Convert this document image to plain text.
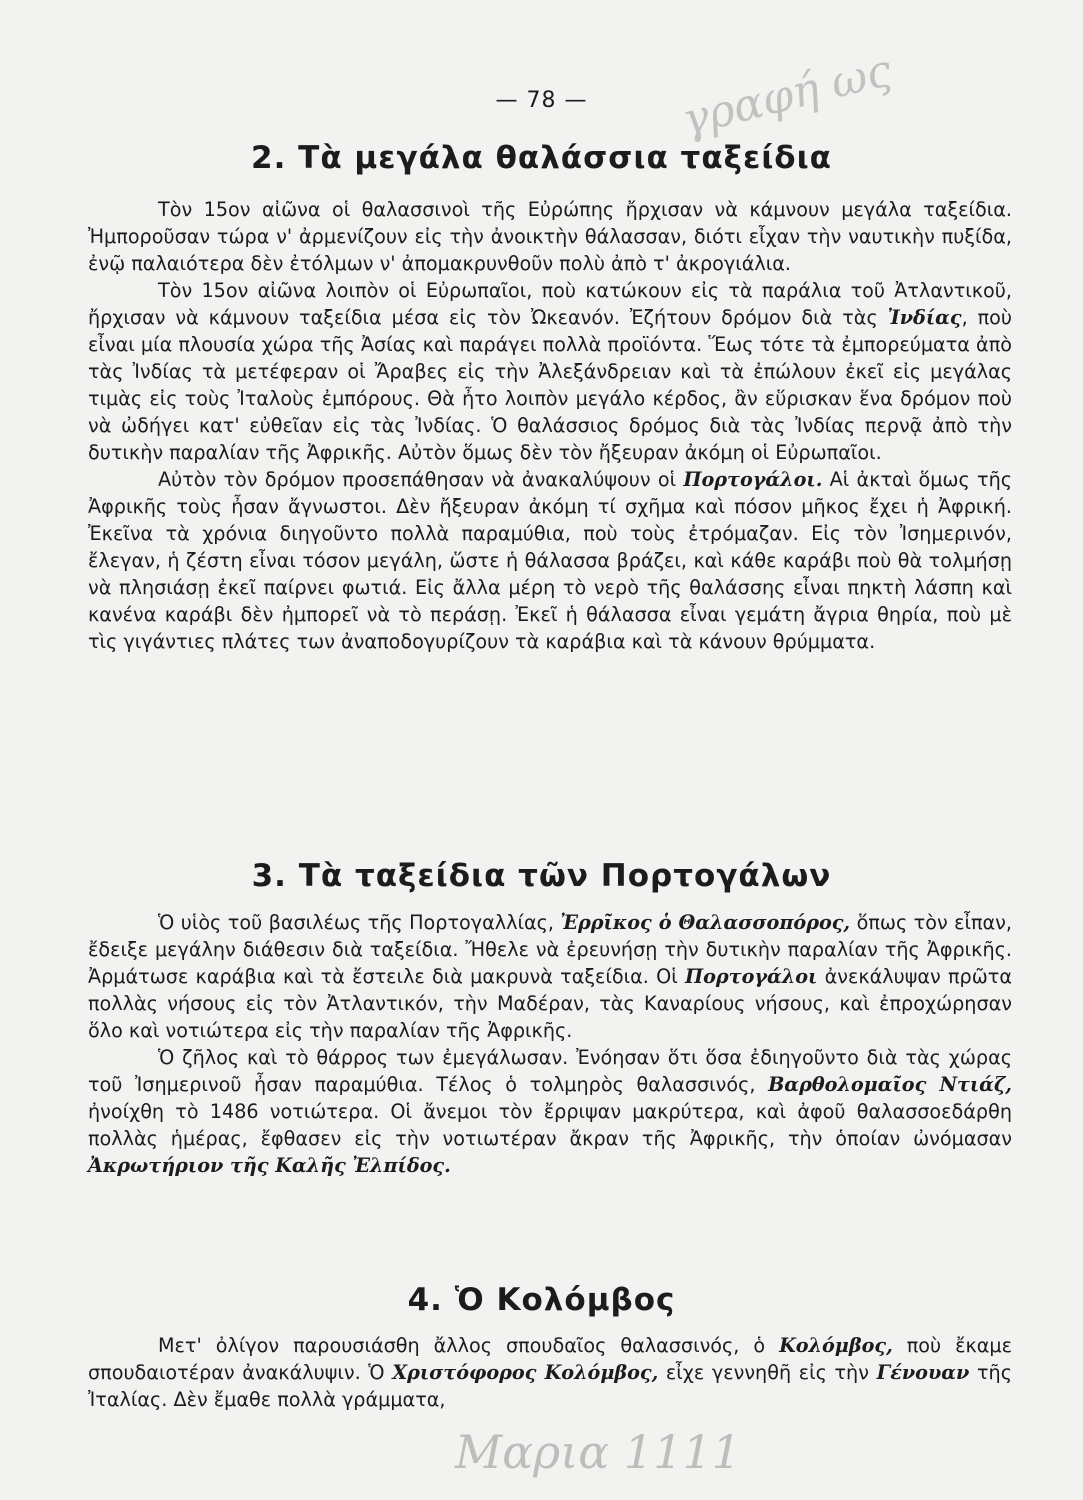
— 78 —
2. Τὰ μεγάλα θαλάσσια ταξείδια

Τὸν 15ον αἰῶνα οἱ θαλασσινοὶ τῆς Εὐρώπης ἤρχισαν νὰ κάμνουν μεγάλα ταξείδια. Ἠμποροῦσαν τώρα ν' ἀρμενίζουν εἰς τὴν ἀνοικτὴν θάλασσαν, διότι εἶχαν τὴν ναυτικὴν πυξίδα, ἐνῷ παλαιότερα δὲν ἐτόλμων ν' ἀπομακρυνθοῦν πολὺ ἀπὸ τ' ἀκρογιάλια.

Τὸν 15ον αἰῶνα λοιπὸν οἱ Εὐρωπαῖοι, ποὺ κατώκουν εἰς τὰ παράλια τοῦ Ἀτλαντικοῦ, ἤρχισαν νὰ κάμνουν ταξείδια μέσα εἰς τὸν Ὠκεανόν. Ἐζήτουν δρόμον διὰ τὰς Ἰνδίας, ποὺ εἶναι μία πλουσία χώρα τῆς Ἀσίας καὶ παράγει πολλὰ προϊόντα. Ἕως τότε τὰ ἐμπορεύματα ἀπὸ τὰς Ἰνδίας τὰ μετέφεραν οἱ Ἄραβες εἰς τὴν Ἀλεξάνδρειαν καὶ τὰ ἐπώλουν ἐκεῖ εἰς μεγάλας τιμὰς εἰς τοὺς Ἰταλοὺς ἐμπόρους. Θὰ ἦτο λοιπὸν μεγάλο κέρδος, ἂν εὕρισκαν ἕνα δρόμον ποὺ νὰ ὠδήγει κατ' εὐθεῖαν εἰς τὰς Ἰνδίας. Ὁ θαλάσσιος δρόμος διὰ τὰς Ἰνδίας περνᾷ ἀπὸ τὴν δυτικὴν παραλίαν τῆς Ἀφρικῆς. Αὐτὸν ὅμως δὲν τὸν ἤξευραν ἀκόμη οἱ Εὐρωπαῖοι.

Αὐτὸν τὸν δρόμον προσεπάθησαν νὰ ἀνακαλύψουν οἱ Πορτογάλοι. Αἱ ἀκταὶ ὅμως τῆς Ἀφρικῆς τοὺς ἦσαν ἄγνωστοι. Δὲν ἤξευραν ἀκόμη τί σχῆμα καὶ πόσον μῆκος ἔχει ἡ Ἀφρική. Ἐκεῖνα τὰ χρόνια διηγοῦντο πολλὰ παραμύθια, ποὺ τοὺς ἐτρόμαζαν. Εἰς τὸν Ἰσημερινόν, ἔλεγαν, ἡ ζέστη εἶναι τόσον μεγάλη, ὥστε ἡ θάλασσα βράζει, καὶ κάθε καράβι ποὺ θὰ τολμήσῃ νὰ πλησιάσῃ ἐκεῖ παίρνει φωτιά. Εἰς ἄλλα μέρη τὸ νερὸ τῆς θαλάσσης εἶναι πηκτὴ λάσπη καὶ κανένα καράβι δὲν ἠμπορεῖ νὰ τὸ περάσῃ. Ἐκεῖ ἡ θάλασσα εἶναι γεμάτη ἄγρια θηρία, ποὺ μὲ τὶς γιγάντιες πλάτες των ἀναποδογυρίζουν τὰ καράβια καὶ τὰ κάνουν θρύμματα.

3. Τὰ ταξείδια τῶν Πορτογάλων

Ὁ υἱὸς τοῦ βασιλέως τῆς Πορτογαλλίας, Ἐρρῖκος ὁ Θαλασσοπόρος, ὅπως τὸν εἶπαν, ἔδειξε μεγάλην διάθεσιν διὰ ταξείδια. Ἤθελε νὰ ἐρευνήσῃ τὴν δυτικὴν παραλίαν τῆς Ἀφρικῆς. Ἀρμάτωσε καράβια καὶ τὰ ἔστειλε διὰ μακρυνὰ ταξείδια. Οἱ Πορτογάλοι ἀνεκάλυψαν πρῶτα πολλὰς νήσους εἰς τὸν Ἀτλαντικόν, τὴν Μαδέραν, τὰς Καναρίους νήσους, καὶ ἐπροχώρησαν ὅλο καὶ νοτιώτερα εἰς τὴν παραλίαν τῆς Ἀφρικῆς.

Ὁ ζῆλος καὶ τὸ θάρρος των ἐμεγάλωσαν. Ἐνόησαν ὅτι ὅσα ἐδιηγοῦντο διὰ τὰς χώρας τοῦ Ἰσημερινοῦ ἦσαν παραμύθια. Τέλος ὁ τολμηρὸς θαλασσινός, Βαρθολομαῖος Ντιάζ, ἠνοίχθη τὸ 1486 νοτιώτερα. Οἱ ἄνεμοι τὸν ἔρριψαν μακρύτερα, καὶ ἀφοῦ θαλασσοεδάρθη πολλὰς ἡμέρας, ἔφθασεν εἰς τὴν νοτιωτέραν ἄκραν τῆς Ἀφρικῆς, τὴν ὁποίαν ὠνόμασαν Ἀκρωτήριον τῆς Καλῆς Ἐλπίδος.

4. Ὁ Κολόμβος

Μετ' ὀλίγον παρουσιάσθη ἄλλος σπουδαῖος θαλασσινός, ὁ Κολόμβος, ποὺ ἔκαμε σπουδαιοτέραν ἀνακάλυψιν. Ὁ Χριστόφορος Κολόμβος, εἶχε γεννηθῆ εἰς τὴν Γένουαν τῆς Ἰταλίας. Δὲν ἔμαθε πολλὰ γράμματα,

γραφή ως
Μαρια 1111
